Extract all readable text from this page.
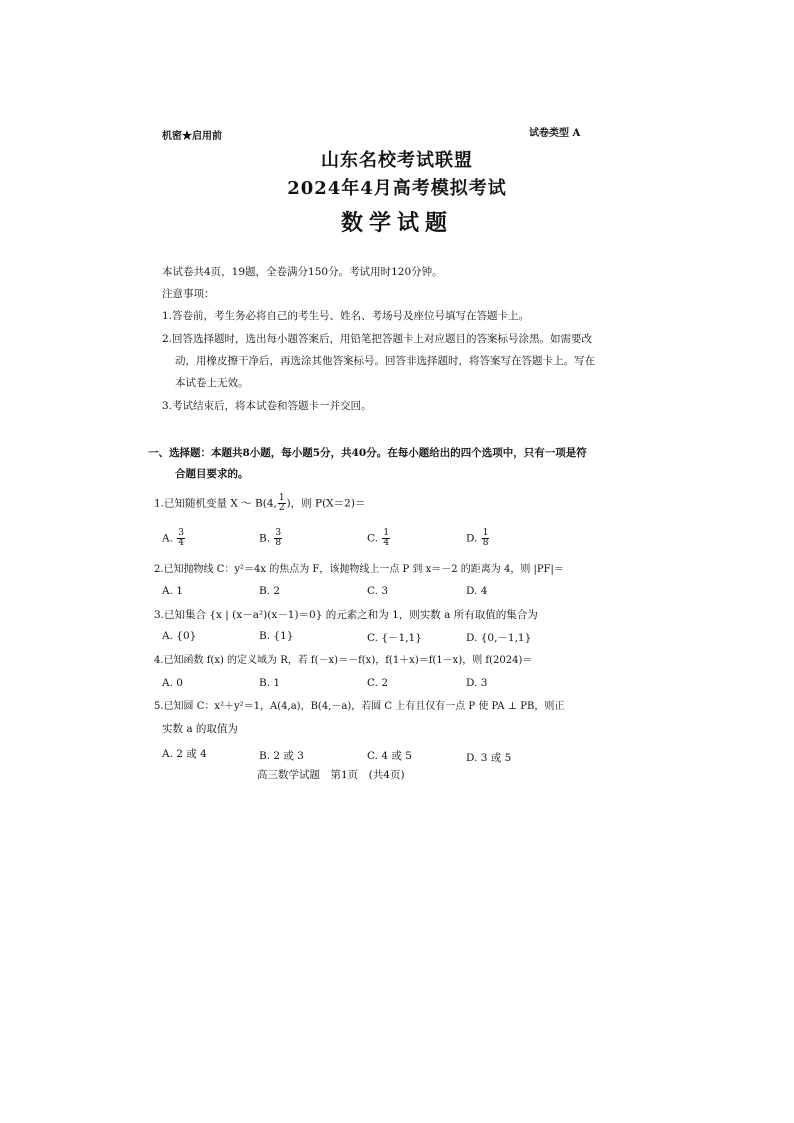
机密★启用前	试卷类型 A
山东名校考试联盟
2024年4月高考模拟考试
数学试题
本试卷共4页，19题，全卷满分150分。考试用时120分钟。
注意事项：
1.答卷前，考生务必将自己的考生号、姓名、考场号及座位号填写在答题卡上。
2.回答选择题时，选出每小题答案后，用铅笔把答题卡上对应题目的答案标号涂黑。如需要改
动，用橡皮擦干净后，再选涂其他答案标号。回答非选择题时，将答案写在答题卡上。写在
本试卷上无效。
3.考试结束后，将本试卷和答题卡一并交回。
一、选择题：本题共8小题，每小题5分，共40分。在每小题给出的四个选项中，只有一项是符
合题目要求的。
1.已知随机变量 X ～ B(4, $\frac{1}{2}$ )，则 P(X＝2)＝
A. $\frac{3}{4}$	B. $\frac{3}{8}$	C. $\frac{1}{4}$	D. $\frac{1}{8}$
2.已知抛物线 C：y²＝4x 的焦点为 F，该抛物线上一点 P 到 x＝－2 的距离为 4，则 |PF|＝
A. 1	B. 2	C. 3	D. 4
3.已知集合 {x | (x－a²)(x－1)＝0} 的元素之和为 1，则实数 a 所有取值的集合为
A. {0}	B. {1}	C. {－1,1}	D. {0,－1,1}
4.已知函数 f(x) 的定义域为 R，若 f(－x)＝－f(x)，f(1＋x)＝f(1－x)，则 f(2024)＝
A. 0	B. 1	C. 2	D. 3
5.已知圆 C：x²＋y²＝1，A(4,a)，B(4,－a)，若圆 C 上有且仅有一点 P 使 PA ⊥ PB，则正
实数 a 的取值为
A. 2 或 4	B. 2 或 3	C. 4 或 5	D. 3 或 5
高三数学试题　第1页　(共4页)
